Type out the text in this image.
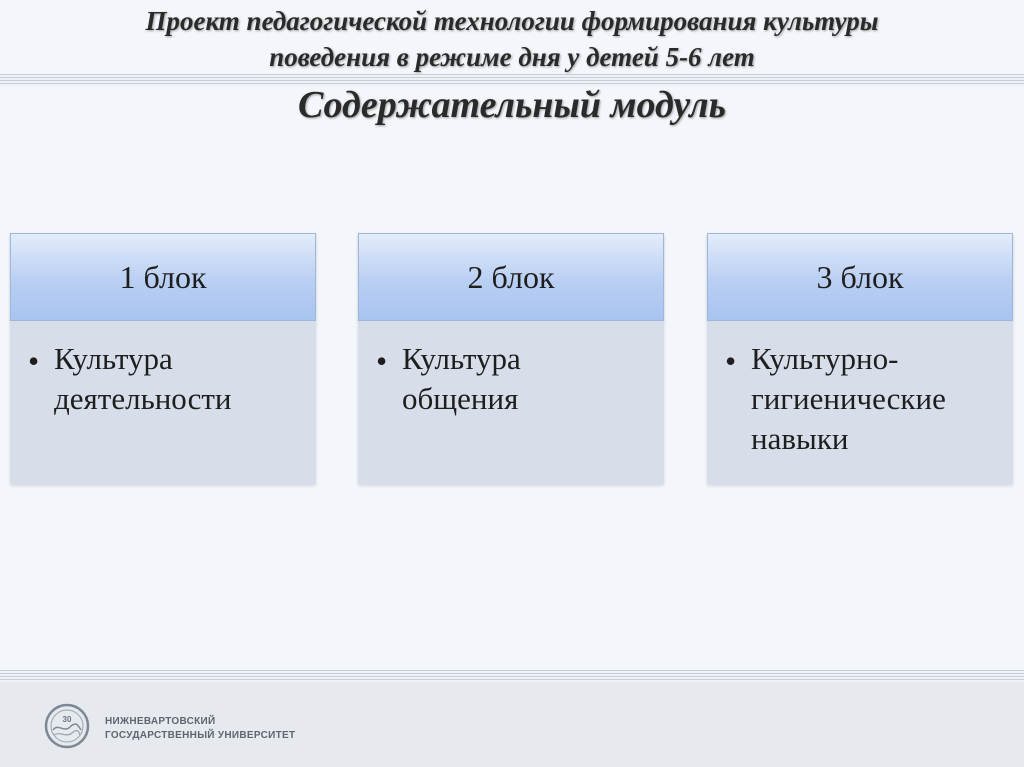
Проект педагогической технологии формирования культуры

поведения в режиме дня у детей 5-6 лет

Содержательный модуль

1 блок
• Культура
деятельности
2 блок
• Культура
общения
3 блок
• Культурно-
гигиенические
навыки
30	НИЖНЕВАРТОВСКИЙ
ГОСУДАРСТВЕННЫЙ УНИВЕРСИТЕТ
